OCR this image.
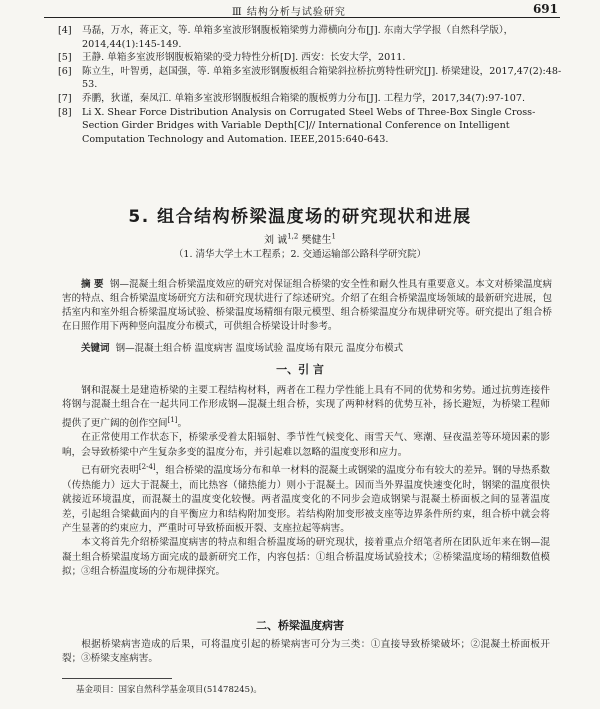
Ⅲ 结构分析与试验研究	691
[4] 马磊，万水，蒋正文，等. 单箱多室波形钢腹板箱梁剪力滞横向分布[J]. 东南大学学报（自然科学版），2014,44(1):145-149.
[5] 王静. 单箱多室波形钢腹板箱梁的受力特性分析[D]. 西安：长安大学，2011.
[6] 陈立生，叶智勇，赵国强，等. 单箱多室波形钢腹板组合箱梁斜拉桥抗剪特性研究[J]. 桥梁建设，2017,47(2):48-53.
[7] 乔鹏，狄谨，秦凤江. 单箱多室波形钢腹板组合箱梁的腹板剪力分布[J]. 工程力学，2017,34(7):97-107.
[8] Li X. Shear Force Distribution Analysis on Corrugated Steel Webs of Three-Box Single Cross-Section Girder Bridges with Variable Depth[C]// International Conference on Intelligent Computation Technology and Automation. IEEE,2015:640-643.
5. 组合结构桥梁温度场的研究现状和进展
刘 诚$^{1,2}$ 樊健生$^1$
（1. 清华大学土木工程系；2. 交通运输部公路科学研究院）
摘 要 钢—混凝土组合桥梁温度效应的研究对保证组合桥梁的安全性和耐久性具有重要意义。本文对桥梁温度病害的特点、组合桥梁温度场研究方法和研究现状进行了综述研究。介绍了在组合桥梁温度场领域的最新研究进展，包括室内和室外组合桥梁温度场试验、桥梁温度场精细有限元模型、组合桥梁温度分布规律研究等。研究提出了组合桥在日照作用下两种竖向温度分布模式，可供组合桥梁设计时参考。
关键词 钢—混凝土组合桥 温度病害 温度场试验 温度场有限元 温度分布模式
一、引 言

钢和混凝土是建造桥梁的主要工程结构材料，两者在工程力学性能上具有不同的优势和劣势。通过抗剪连接件将钢与混凝土组合在一起共同工作形成钢—混凝土组合桥，实现了两种材料的优势互补，扬长避短，为桥梁工程师提供了更广阔的创作空间[1]。

在正常使用工作状态下，桥梁承受着太阳辐射、季节性气候变化、雨雪天气、寒潮、昼夜温差等环境因素的影响，会导致桥梁中产生复杂多变的温度分布，并引起难以忽略的温度变形和应力。

已有研究表明[2-4]，组合桥梁的温度场分布和单一材料的混凝土或钢梁的温度分布有较大的差异。钢的导热系数（传热能力）远大于混凝土，而比热容（储热能力）则小于混凝土。因而当外界温度快速变化时，钢梁的温度很快就接近环境温度，而混凝土的温度变化较慢。两者温度变化的不同步会造成钢梁与混凝土桥面板之间的显著温度差，引起组合梁截面内的自平衡应力和结构附加变形。若结构附加变形被支座等边界条件所约束，组合桥中就会将产生显著的约束应力，严重时可导致桥面板开裂、支座拉起等病害。

本文将首先介绍桥梁温度病害的特点和组合桥温度场的研究现状，接着重点介绍笔者所在团队近年来在钢—混凝土组合桥梁温度场方面完成的最新研究工作，内容包括：①组合桥温度场试验技术；②桥梁温度场的精细数值模拟；③组合桥温度场的分布规律探究。

二、桥梁温度病害

根据桥梁病害造成的后果，可将温度引起的桥梁病害可分为三类：①直接导致桥梁破坏；②混凝土桥面板开裂；③桥梁支座病害。

基金项目：国家自然科学基金项目(51478245)。
